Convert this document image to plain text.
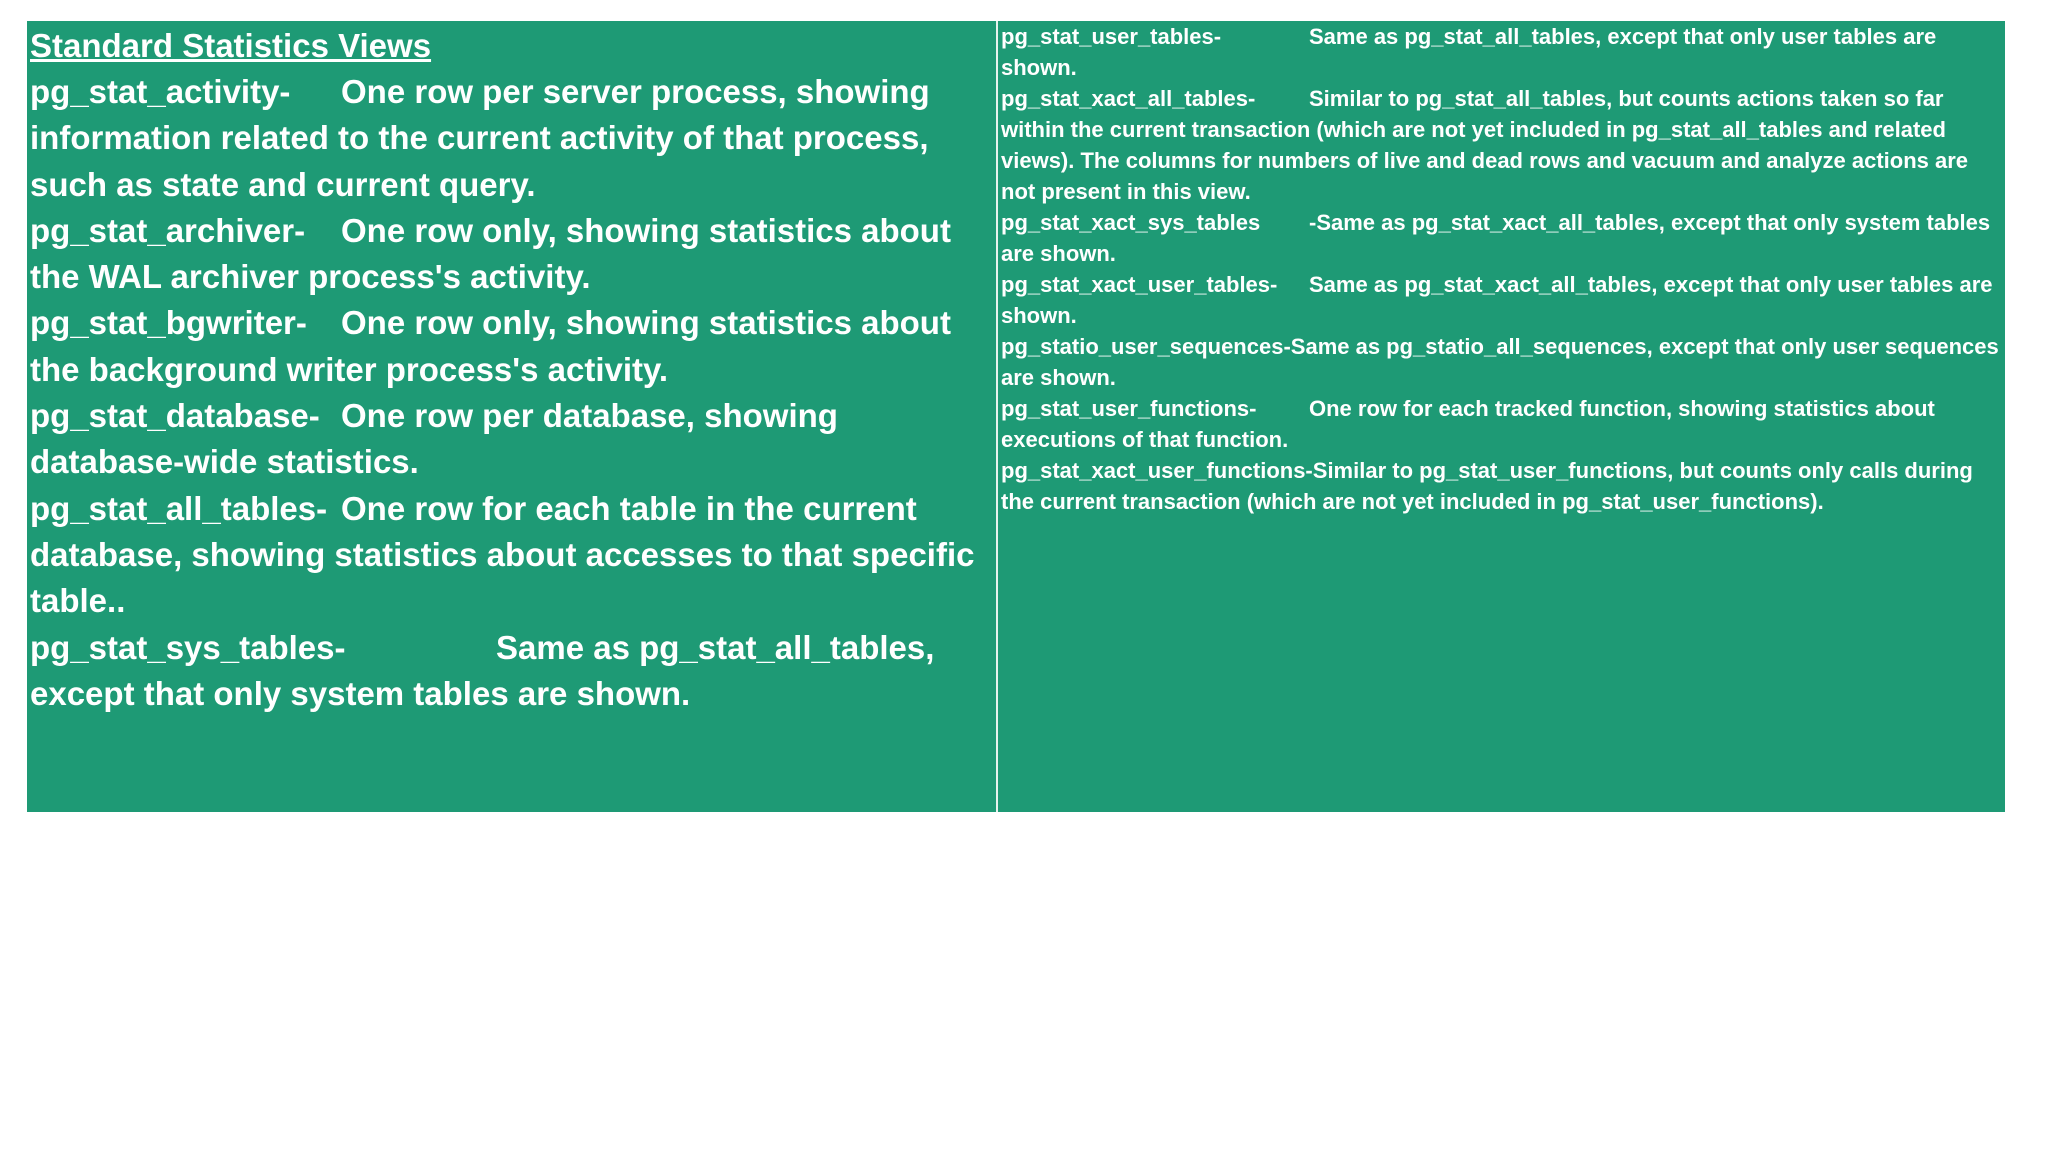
Standard Statistics Views

pg_stat_activity- One row per server process, showing information related to the current activity of that process, such as state and current query.

pg_stat_archiver- One row only, showing statistics about the WAL archiver process's activity.

pg_stat_bgwriter- One row only, showing statistics about the background writer process's activity.

pg_stat_database- One row per database, showing database-wide statistics.

pg_stat_all_tables- One row for each table in the current database, showing statistics about accesses to that specific table..

pg_stat_sys_tables-	Same as pg_stat_all_tables, except that only system tables are shown.

pg_stat_user_tables-	Same as pg_stat_all_tables, except that only user tables are shown.

pg_stat_xact_all_tables- Similar to pg_stat_all_tables, but counts actions taken so far within the current transaction (which are not yet included in pg_stat_all_tables and related views). The columns for numbers of live and dead rows and vacuum and analyze actions are not present in this view.

pg_stat_xact_sys_tables -Same as pg_stat_xact_all_tables, except that only system tables are shown.

pg_stat_xact_user_tables- Same as pg_stat_xact_all_tables, except that only user tables are shown.

pg_statio_user_sequences-Same as pg_statio_all_sequences, except that only user sequences are shown.

pg_stat_user_functions- One row for each tracked function, showing statistics about executions of that function.

pg_stat_xact_user_functions-Similar to pg_stat_user_functions, but counts only calls during the current transaction (which are not yet included in pg_stat_user_functions).
